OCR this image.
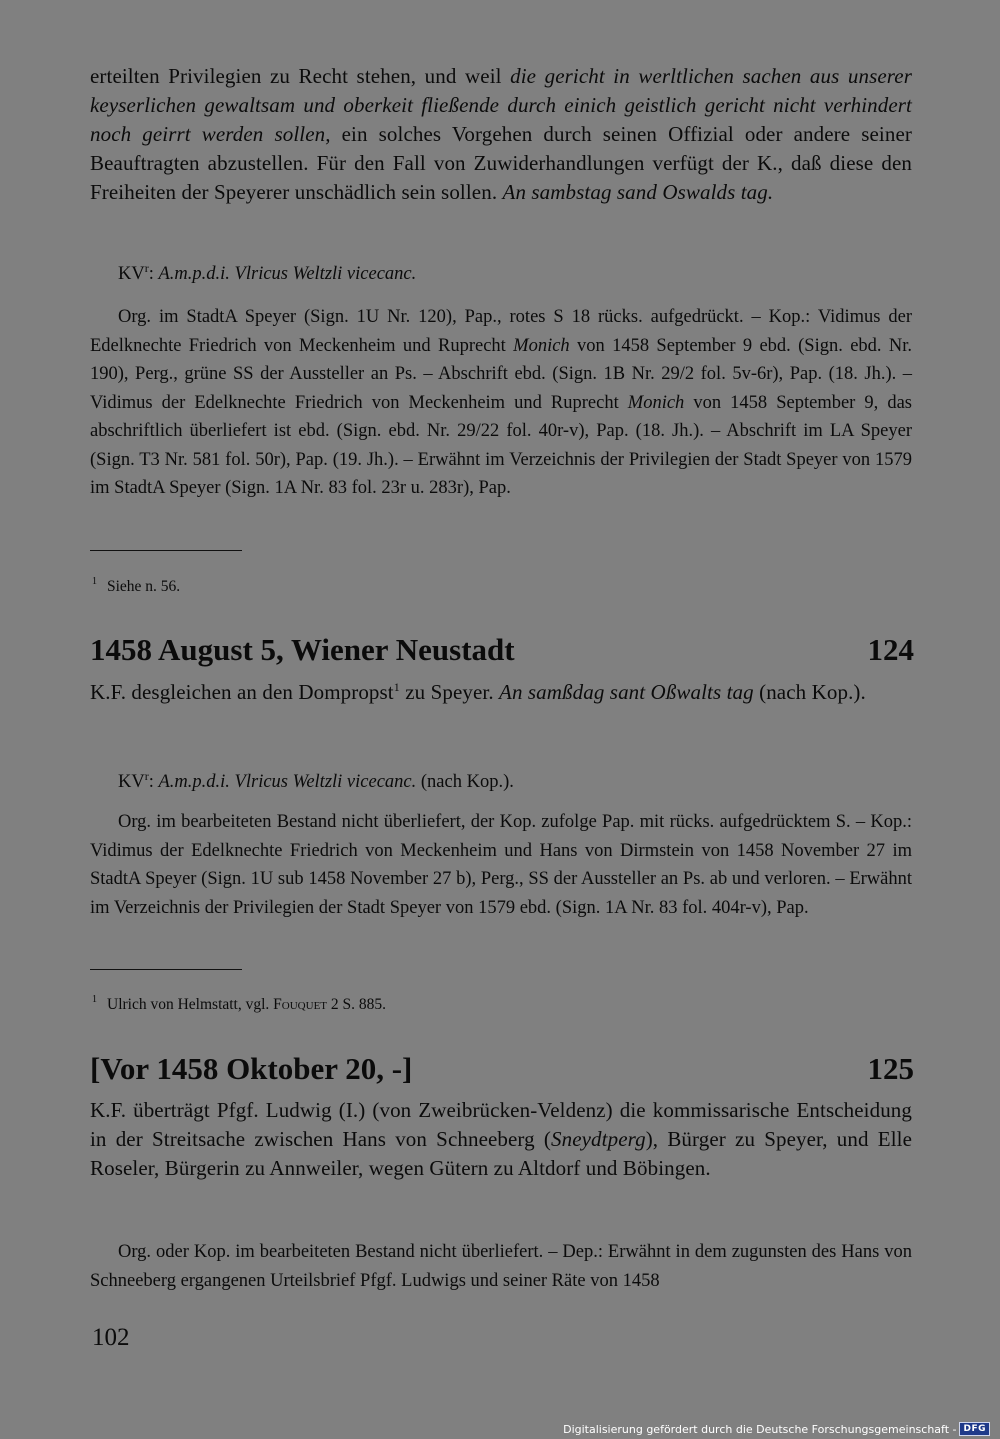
erteilten Privilegien zu Recht stehen, und weil die gericht in werltlichen sachen aus unserer keyserlichen gewaltsam und oberkeit fließende durch einich geistlich gericht nicht verhindert noch geirrt werden sollen, ein solches Vorgehen durch seinen Offizial oder andere seiner Beauftragten abzustellen. Für den Fall von Zuwiderhandlungen verfügt der K., daß diese den Freiheiten der Speyerer unschädlich sein sollen. An sambstag sand Oswalds tag.

$KV^r$: A.m.p.d.i. Vlricus Weltzli vicecanc.

Org. im StadtA Speyer (Sign. 1U Nr. 120), Pap., rotes S 18 rücks. aufgedrückt. – Kop.: Vidimus der Edelknechte Friedrich von Meckenheim und Ruprecht Monich von 1458 September 9 ebd. (Sign. ebd. Nr. 190), Perg., grüne SS der Aussteller an Ps. – Abschrift ebd. (Sign. 1B Nr. 29/2 fol. 5v-6r), Pap. (18. Jh.). – Vidimus der Edelknechte Friedrich von Meckenheim und Ruprecht Monich von 1458 September 9, das abschriftlich überliefert ist ebd. (Sign. ebd. Nr. 29/22 fol. 40r-v), Pap. (18. Jh.). – Abschrift im LA Speyer (Sign. T3 Nr. 581 fol. 50r), Pap. (19. Jh.). – Erwähnt im Verzeichnis der Privilegien der Stadt Speyer von 1579 im StadtA Speyer (Sign. 1A Nr. 83 fol. 23r u. 283r), Pap.

$^1$ Siehe n. 56.

1458 August 5, Wiener Neustadt	124

K.F. desgleichen an den Dompropst$^1$ zu Speyer. An samßdag sant Oßwalts tag (nach Kop.).

$KV^r$: A.m.p.d.i. Vlricus Weltzli vicecanc. (nach Kop.).

Org. im bearbeiteten Bestand nicht überliefert, der Kop. zufolge Pap. mit rücks. aufgedrücktem S. – Kop.: Vidimus der Edelknechte Friedrich von Meckenheim und Hans von Dirmstein von 1458 November 27 im StadtA Speyer (Sign. 1U sub 1458 November 27 b), Perg., SS der Aussteller an Ps. ab und verloren. – Erwähnt im Verzeichnis der Privilegien der Stadt Speyer von 1579 ebd. (Sign. 1A Nr. 83 fol. 404r-v), Pap.

$^1$ Ulrich von Helmstatt, vgl. Fouquet 2 S. 885.

[Vor 1458 Oktober 20, -]	125

K.F. überträgt Pfgf. Ludwig (I.) (von Zweibrücken-Veldenz) die kommissarische Entscheidung in der Streitsache zwischen Hans von Schneeberg (Sneydtperg), Bürger zu Speyer, und Elle Roseler, Bürgerin zu Annweiler, wegen Gütern zu Altdorf und Böbingen.

Org. oder Kop. im bearbeiteten Bestand nicht überliefert. – Dep.: Erwähnt in dem zugunsten des Hans von Schneeberg ergangenen Urteilsbrief Pfgf. Ludwigs und seiner Räte von 1458

102
Digitalisierung gefördert durch die Deutsche Forschungsgemeinschaft - DFG
